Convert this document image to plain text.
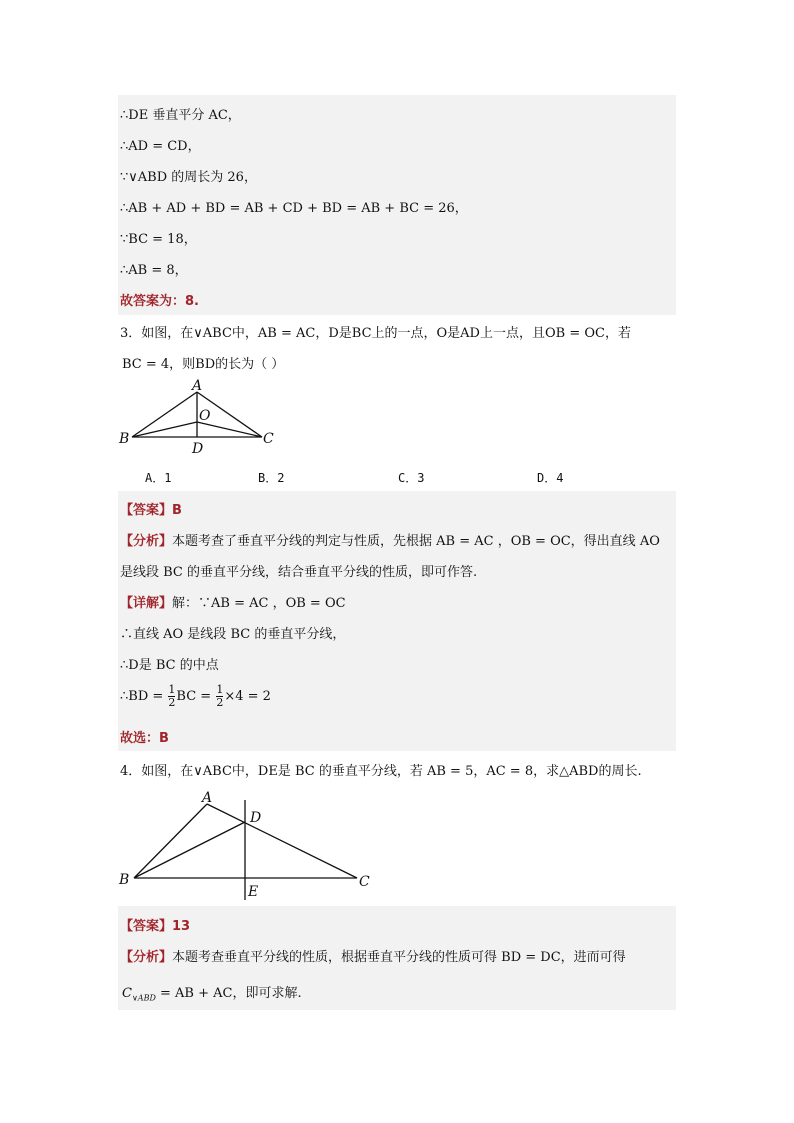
∴DE 垂直平分 AC，
∴AD = CD，
∵∨ABD 的周长为 26，
∴AB + AD + BD = AB + CD + BD = AB + BC = 26，
∵BC = 18，
∴AB = 8，
故答案为：8.
3．如图，在∨ABC中，AB = AC，D是BC上的一点，O是AD上一点，且OB = OC，若
BC = 4，则BD的长为（ ）
A
O
B
D
C
A．1	B．2	C．3	D．4
【答案】B
【分析】本题考查了垂直平分线的判定与性质，先根据 AB = AC ，OB = OC，得出直线 AO
是线段 BC 的垂直平分线，结合垂直平分线的性质，即可作答.
【详解】解：∵AB = AC ，OB = OC
∴直线 AO 是线段 BC 的垂直平分线，
∴D是 BC 的中点
∴BD = $\frac{1}{2}$ BC = $\frac{1}{2} \times 4 = 2$
故选：B
4．如图，在∨ABC中，DE是 BC 的垂直平分线，若 AB = 5，AC = 8，求△ABD的周长.
A
D
B
E
C
【答案】13
【分析】本题考查垂直平分线的性质，根据垂直平分线的性质可得 BD = DC，进而可得
$C_{\vee ABD}$ = AB + AC，即可求解.
